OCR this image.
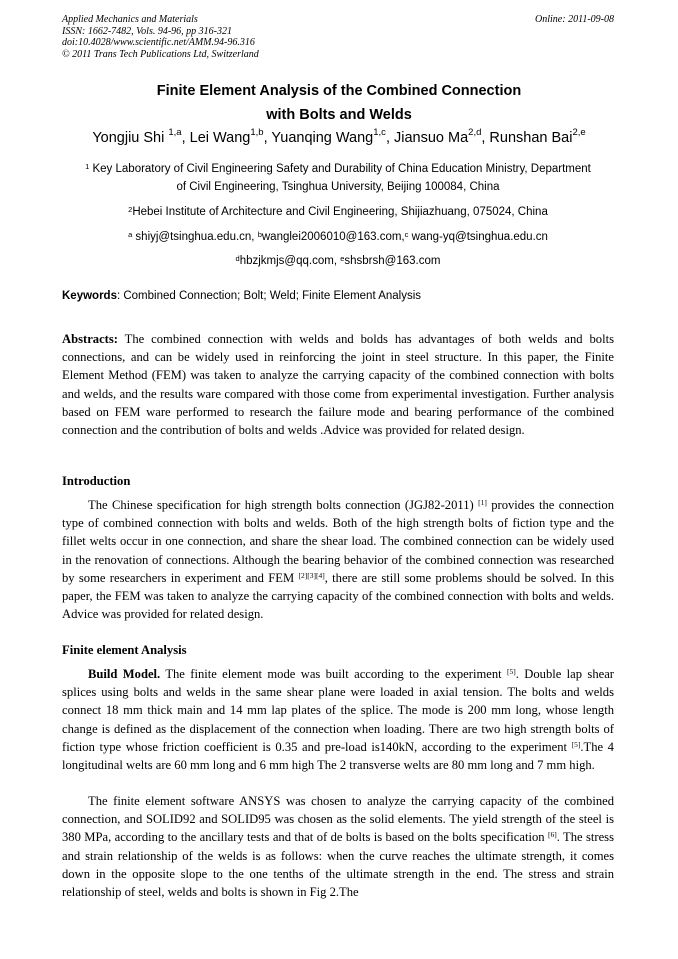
Applied Mechanics and Materials
ISSN: 1662-7482, Vols. 94-96, pp 316-321
doi:10.4028/www.scientific.net/AMM.94-96.316
© 2011 Trans Tech Publications Ltd, Switzerland
Online: 2011-09-08
Finite Element Analysis of the Combined Connection
with Bolts and Welds
Yongjiu Shi $^{1,a}$, Lei Wang$^{1,b}$, Yuanqing Wang$^{1,c}$, Jiansuo Ma$^{2,d}$, Runshan Bai$^{2,e}$
$^1$ Key Laboratory of Civil Engineering Safety and Durability of China Education Ministry, Department
of Civil Engineering, Tsinghua University, Beijing 100084, China
$^2$Hebei Institute of Architecture and Civil Engineering, Shijiazhuang, 075024, China
$^a$ shiyj@tsinghua.edu.cn, $^b$wanglei2006010@163.com,$^c$ wang-yq@tsinghua.edu.cn
$^d$hbzjkmjs@qq.com, $^e$shsbrsh@163.com
Keywords: Combined Connection; Bolt; Weld; Finite Element Analysis
Abstracts: The combined connection with welds and bolds has advantages of both welds and bolts connections, and can be widely used in reinforcing the joint in steel structure. In this paper, the Finite Element Method (FEM) was taken to analyze the carrying capacity of the combined connection with bolts and welds, and the results ware compared with those come from experimental investigation. Further analysis based on FEM ware performed to research the failure mode and bearing performance of the combined connection and the contribution of bolts and welds .Advice was provided for related design.
Introduction
The Chinese specification for high strength bolts connection (JGJ82-2011) [1] provides the connection type of combined connection with bolts and welds. Both of the high strength bolts of fiction type and the fillet welts occur in one connection, and share the shear load. The combined connection can be widely used in the renovation of connections. Although the bearing behavior of the combined connection was researched by some researchers in experiment and FEM [2][3][4], there are still some problems should be solved. In this paper, the FEM was taken to analyze the carrying capacity of the combined connection with bolts and welds. Advice was provided for related design.
Finite element Analysis
Build Model. The finite element mode was built according to the experiment [5]. Double lap shear splices using bolts and welds in the same shear plane were loaded in axial tension. The bolts and welds connect 18 mm thick main and 14 mm lap plates of the splice. The mode is 200 mm long, whose length change is defined as the displacement of the connection when loading. There are two high strength bolts of fiction type whose friction coefficient is 0.35 and pre-load is140kN, according to the experiment [5].The 4 longitudinal welts are 60 mm long and 6 mm high The 2 transverse welts are 80 mm long and 7 mm high.
The finite element software ANSYS was chosen to analyze the carrying capacity of the combined connection, and SOLID92 and SOLID95 was chosen as the solid elements. The yield strength of the steel is 380 MPa, according to the ancillary tests and that of de bolts is based on the bolts specification [6]. The stress and strain relationship of the welds is as follows: when the curve reaches the ultimate strength, it comes down in the opposite slope to the one tenths of the ultimate strength in the end. The stress and strain relationship of steel, welds and bolts is shown in Fig 2.The
